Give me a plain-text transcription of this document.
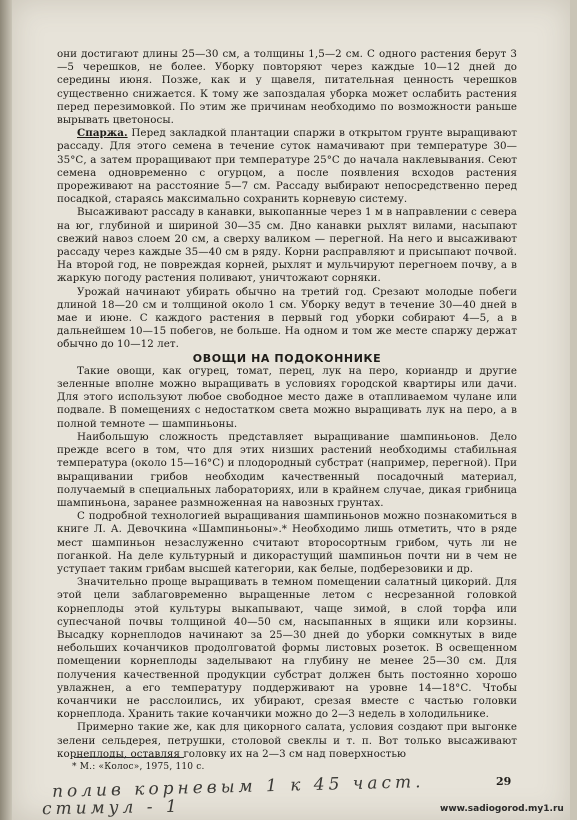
они достигают длины 25—30 см, а толщины 1,5—2 см. С одного растения берут 3—5 черешков, не более. Уборку повторяют через каждые 10—12 дней до середины июня. Позже, как и у щавеля, питательная ценность черешков существенно снижается. К тому же запоздалая уборка может ослабить растения перед перезимовкой. По этим же причинам необходимо по возможности раньше вырывать цветоносы.

Спаржа. Перед закладкой плантации спаржи в открытом грунте выращивают рассаду. Для этого семена в течение суток намачивают при температуре 30—35°С, а затем проращивают при температуре 25°С до начала наклевывания. Сеют семена одновременно с огурцом, а после появления всходов растения прореживают на расстояние 5—7 см. Рассаду выбирают непосредственно перед посадкой, стараясь максимально сохранить корневую систему.

Высаживают рассаду в канавки, выкопанные через 1 м в направлении с севера на юг, глубиной и шириной 30—35 см. Дно канавки рыхлят вилами, насыпают свежий навоз слоем 20 см, а сверху валиком — перегной. На него и высаживают рассаду через каждые 35—40 см в ряду. Корни расправляют и присыпают почвой. На второй год, не повреждая корней, рыхлят и мульчируют перегноем почву, а в жаркую погоду растения поливают, уничтожают сорняки.

Урожай начинают убирать обычно на третий год. Срезают молодые побеги длиной 18—20 см и толщиной около 1 см. Уборку ведут в течение 30—40 дней в мае и июне. С каждого растения в первый год уборки собирают 4—5, а в дальнейшем 10—15 побегов, не больше. На одном и том же месте спаржу держат обычно до 10—12 лет.

ОВОЩИ НА ПОДОКОННИКЕ

Такие овощи, как огурец, томат, перец, лук на перо, кориандр и другие зеленные вполне можно выращивать в условиях городской квартиры или дачи. Для этого используют любое свободное место даже в отапливаемом чулане или подвале. В помещениях с недостатком света можно выращивать лук на перо, а в полной темноте — шампиньоны.

Наибольшую сложность представляет выращивание шампиньонов. Дело прежде всего в том, что для этих низших растений необходимы стабильная температура (около 15—16°С) и плодородный субстрат (например, перегной). При выращивании грибов необходим качественный посадочный материал, получаемый в специальных лабораториях, или в крайнем случае, дикая грибница шампиньона, заранее размноженная на навозных грунтах.

С подробной технологией выращивания шампиньонов можно познакомиться в книге Л. А. Девочкина «Шампиньоны».* Необходимо лишь отметить, что в ряде мест шампиньон незаслуженно считают второсортным грибом, чуть ли не поганкой. На деле культурный и дикорастущий шампиньон почти ни в чем не уступает таким грибам высшей категории, как белые, подберезовики и др.

Значительно проще выращивать в темном помещении салатный цикорий. Для этой цели заблаговременно выращенные летом с несрезанной головкой корнеплоды этой культуры выкапывают, чаще зимой, в слой торфа или супесчаной почвы толщиной 40—50 см, насыпанных в ящики или корзины. Высадку корнеплодов начинают за 25—30 дней до уборки сомкнутых в виде небольших кочанчиков продолговатой формы листовых розеток. В освещенном помещении корнеплоды заделывают на глубину не менее 25—30 см. Для получения качественной продукции субстрат должен быть постоянно хорошо увлажнен, а его температуру поддерживают на уровне 14—18°С. Чтобы кочанчики не расслоились, их убирают, срезая вместе с частью головки корнеплода. Хранить такие кочанчики можно до 2—3 недель в холодильнике.

Примерно такие же, как для цикорного салата, условия создают при выгонке зелени сельдерея, петрушки, столовой свеклы и т. п. Вот только высаживают корнеплоды, оставляя головку их на 2—3 см над поверхностью

* М.: «Колос», 1975, 110 с.
29
полив корневым 1 к 45 част.
стимул - 1	www.sadiogorod.my1.ru
